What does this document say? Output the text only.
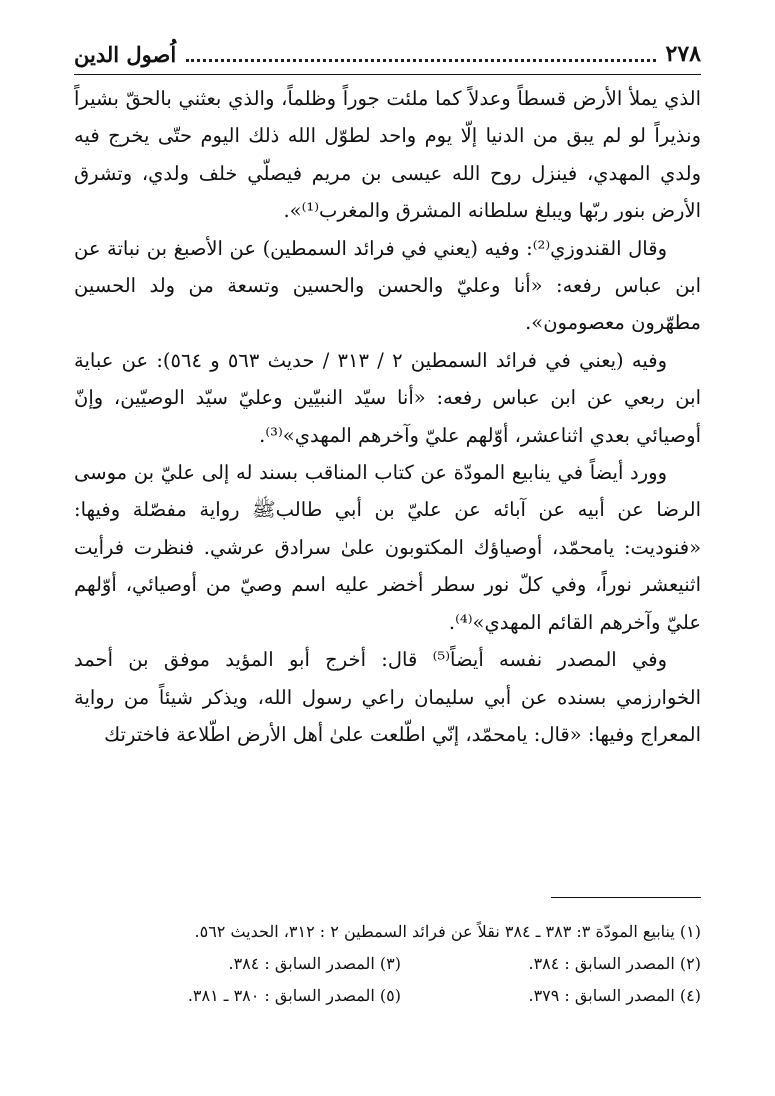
٢٧٨
اُصول الدين

الذي يملأ الأرض قسطاً وعدلاً كما ملئت جوراً وظلماً، والذي بعثني بالحقّ بشيراً ونذيراً لو لم يبق من الدنيا إلّا يوم واحد لطوّل الله ذلك اليوم حتّى يخرج فيه ولدي المهدي، فينزل روح الله عيسى بن مريم فيصلّي خلف ولدي، وتشرق الأرض بنور ربّها ويبلغ سلطانه المشرق والمغرب⁽¹⁾».

وقال القندوزي⁽²⁾: وفيه (يعني في فرائد السمطين) عن الأصبغ بن نباتة عن ابن عباس رفعه: «أنا وعليّ والحسن والحسين وتسعة من ولد الحسين مطهّرون معصومون».

وفيه (يعني في فرائد السمطين ٢ / ٣١٣ / حديث ٥٦٣ و ٥٦٤): عن عباية ابن ربعي عن ابن عباس رفعه: «أنا سيّد النبيّين وعليّ سيّد الوصيّين، وإنّ أوصيائي بعدي اثناعشر، أوّلهم عليّ وآخرهم المهدي»⁽³⁾.

وورد أيضاً في ينابيع المودّة عن كتاب المناقب بسند له إلى عليّ بن موسى الرضا عن أبيه عن آبائه عن عليّ بن أبي طالبﷺ رواية مفصّلة وفيها: «فنوديت: يامحمّد، أوصياؤك المكتوبون علىٰ سرادق عرشي. فنظرت فرأيت اثنيعشر نوراً، وفي كلّ نور سطر أخضر عليه اسم وصيّ من أوصيائي، أوّلهم عليّ وآخرهم القائم المهدي»⁽⁴⁾.

وفي المصدر نفسه أيضاً⁽⁵⁾ قال: أخرج أبو المؤيد موفق بن أحمد الخوارزمي بسنده عن أبي سليمان راعي رسول الله، ويذكر شيئاً من رواية المعراج وفيها: «قال: يامحمّد، إنّي اطّلعت علىٰ أهل الأرض اطّلاعة فاخترتك

(١) ينابيع المودّة ٣: ٣٨٣ ـ ٣٨٤ نقلاً عن فرائد السمطين ٢ : ٣١٢، الحديث ٥٦٢.
(٢) المصدر السابق : ٣٨٤.
(٣) المصدر السابق : ٣٨٤.
(٤) المصدر السابق : ٣٧٩.
(٥) المصدر السابق : ٣٨٠ ـ ٣٨١.
